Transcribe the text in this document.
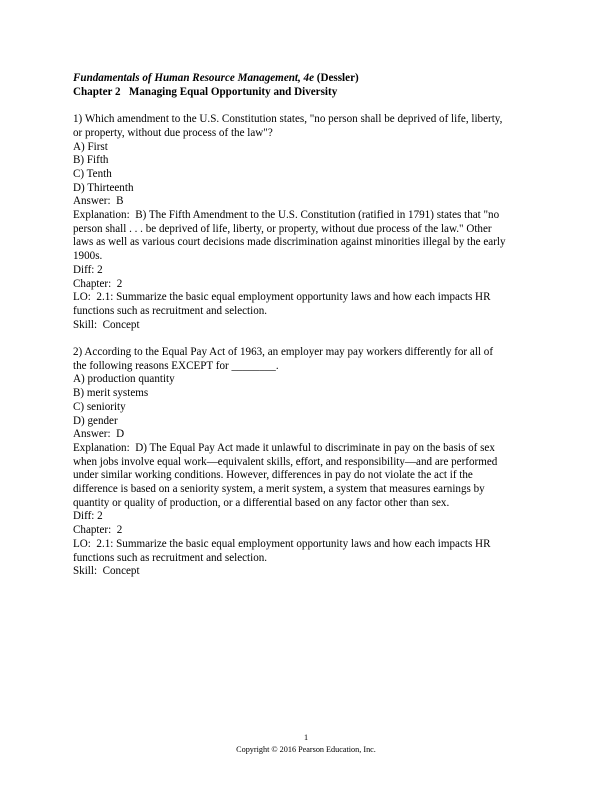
Fundamentals of Human Resource Management, 4e (Dessler)
Chapter 2   Managing Equal Opportunity and Diversity
1) Which amendment to the U.S. Constitution states, "no person shall be deprived of life, liberty,
or property, without due process of the law"?
A) First
B) Fifth
C) Tenth
D) Thirteenth
Answer:  B
Explanation:  B) The Fifth Amendment to the U.S. Constitution (ratified in 1791) states that "no
person shall . . . be deprived of life, liberty, or property, without due process of the law." Other
laws as well as various court decisions made discrimination against minorities illegal by the early
1900s.
Diff: 2
Chapter:  2
LO:  2.1: Summarize the basic equal employment opportunity laws and how each impacts HR
functions such as recruitment and selection.
Skill:  Concept
2) According to the Equal Pay Act of 1963, an employer may pay workers differently for all of
the following reasons EXCEPT for ________.
A) production quantity
B) merit systems
C) seniority
D) gender
Answer:  D
Explanation:  D) The Equal Pay Act made it unlawful to discriminate in pay on the basis of sex
when jobs involve equal work—equivalent skills, effort, and responsibility—and are performed
under similar working conditions. However, differences in pay do not violate the act if the
difference is based on a seniority system, a merit system, a system that measures earnings by
quantity or quality of production, or a differential based on any factor other than sex.
Diff: 2
Chapter:  2
LO:  2.1: Summarize the basic equal employment opportunity laws and how each impacts HR
functions such as recruitment and selection.
Skill:  Concept
1
Copyright © 2016 Pearson Education, Inc.
